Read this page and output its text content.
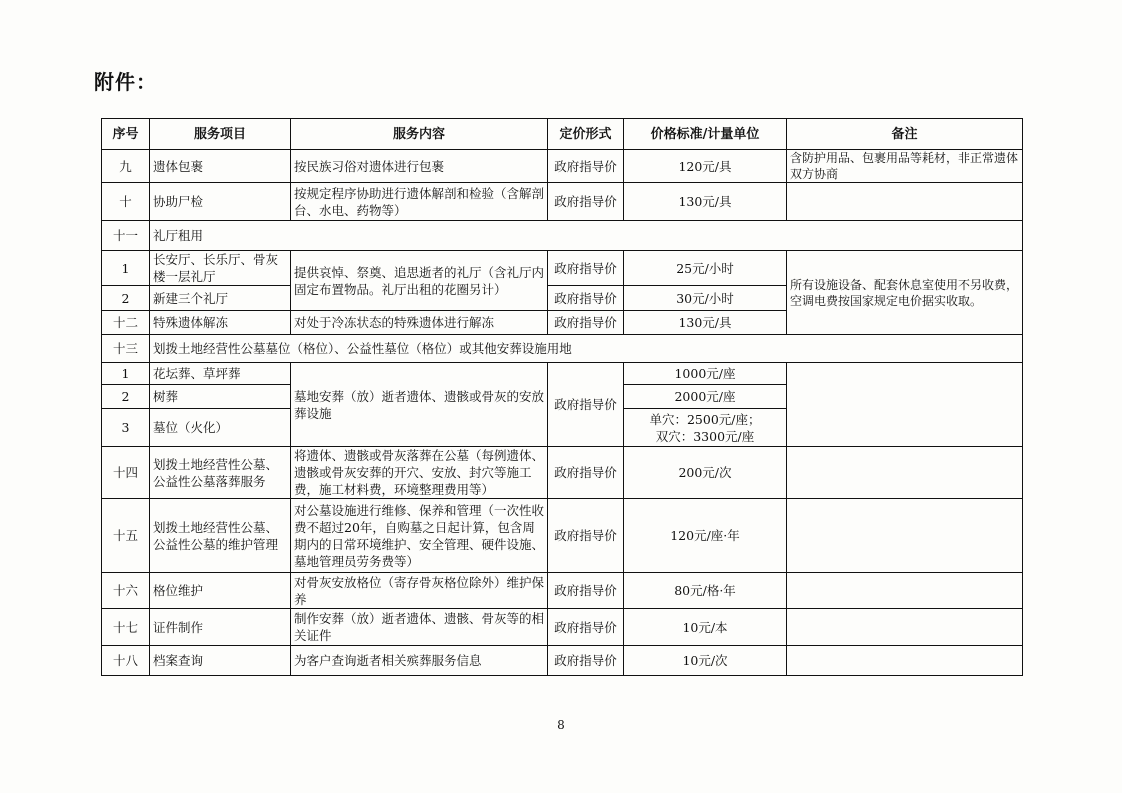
附件：
序号	服务项目	服务内容	定价形式	价格标准/计量单位	备注
九	遗体包裹	按民族习俗对遗体进行包裹	政府指导价	120元/具	含防护用品、包裹用品等耗材，非正常遗体双方协商
十	协助尸检	按规定程序协助进行遗体解剖和检验（含解剖台、水电、药物等）	政府指导价	130元/具	
十一	礼厅租用				
1	长安厅、长乐厅、骨灰楼一层礼厅	提供哀悼、祭奠、追思逝者的礼厅（含礼厅内固定布置物品。礼厅出租的花圈另计）	政府指导价	25元/小时	所有设施设备、配套休息室使用不另收费，空调电费按国家规定电价据实收取。
2	新建三个礼厅		政府指导价	30元/小时	
十二	特殊遗体解冻	对处于冷冻状态的特殊遗体进行解冻	政府指导价	130元/具	
十三	划拨土地经营性公墓墓位（格位）、公益性墓位（格位）或其他安葬设施用地				
1	花坛葬、草坪葬	墓地安葬（放）逝者遗体、遗骸或骨灰的安放葬设施	政府指导价	1000元/座	
2	树葬			2000元/座	
3	墓位（火化）			单穴：2500元/座；
双穴：3300元/座	

十四	划拨土地经营性公墓、公益性公墓落葬服务	将遗体、遗骸或骨灰落葬在公墓（每例遗体、遗骸或骨灰安葬的开穴、安放、封穴等施工费，施工材料费，环境整理费用等）	政府指导价	200元/次	
十五	划拨土地经营性公墓、公益性公墓的维护管理	对公墓设施进行维修、保养和管理（一次性收费不超过20年，自购墓之日起计算，包含周期内的日常环境维护、安全管理、硬件设施、墓地管理员劳务费等）	政府指导价	120元/座·年	
十六	格位维护	对骨灰安放格位（寄存骨灰格位除外）维护保养	政府指导价	80元/格·年	
十七	证件制作	制作安葬（放）逝者遗体、遗骸、骨灰等的相关证件	政府指导价	10元/本	
十八	档案查询	为客户查询逝者相关殡葬服务信息	政府指导价	10元/次	
8
